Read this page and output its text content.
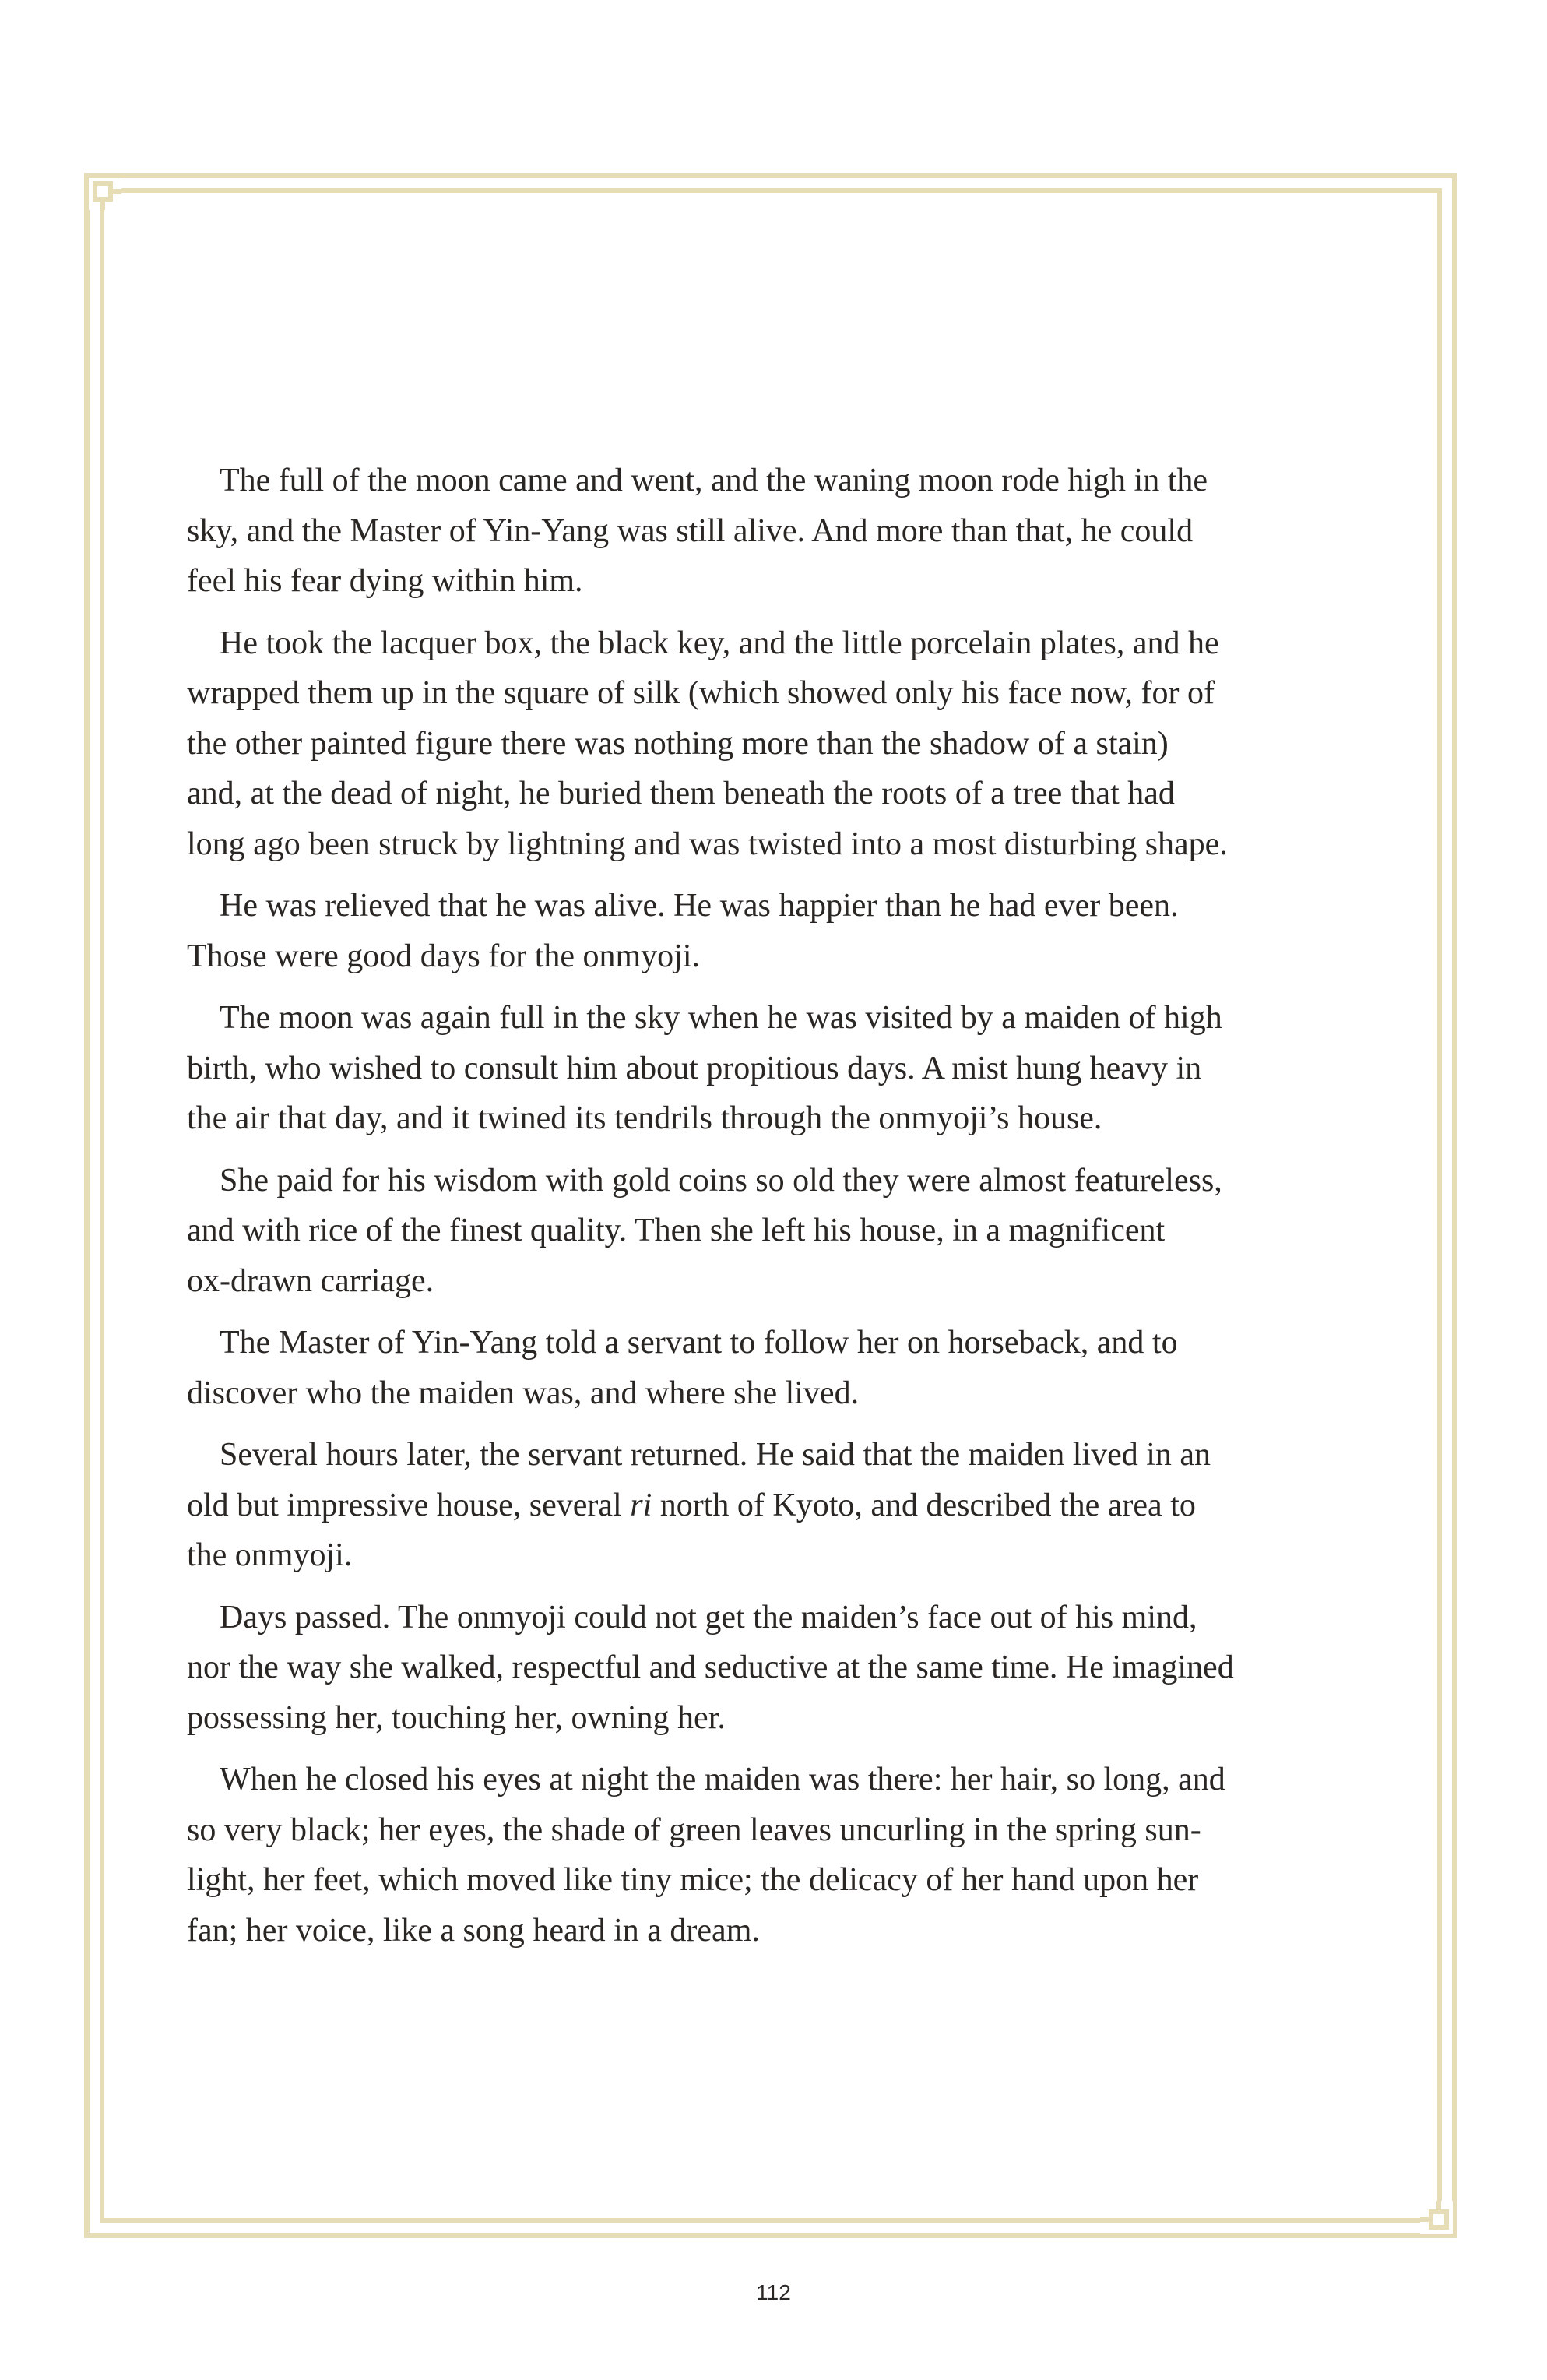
The full of the moon came and went, and the waning moon rode high in the
sky, and the Master of Yin-Yang was still alive. And more than that, he could
feel his fear dying within him.

He took the lacquer box, the black key, and the little porcelain plates, and he
wrapped them up in the square of silk (which showed only his face now, for of
the other painted figure there was nothing more than the shadow of a stain)
and, at the dead of night, he buried them beneath the roots of a tree that had
long ago been struck by lightning and was twisted into a most disturbing shape.

He was relieved that he was alive. He was happier than he had ever been.
Those were good days for the onmyoji.

The moon was again full in the sky when he was visited by a maiden of high
birth, who wished to consult him about propitious days. A mist hung heavy in
the air that day, and it twined its tendrils through the onmyoji’s house.

She paid for his wisdom with gold coins so old they were almost featureless,
and with rice of the finest quality. Then she left his house, in a magnificent
ox-drawn carriage.

The Master of Yin-Yang told a servant to follow her on horseback, and to
discover who the maiden was, and where she lived.

Several hours later, the servant returned. He said that the maiden lived in an
old but impressive house, several ri north of Kyoto, and described the area to
the onmyoji.

Days passed. The onmyoji could not get the maiden’s face out of his mind,
nor the way she walked, respectful and seductive at the same time. He imagined
possessing her, touching her, owning her.

When he closed his eyes at night the maiden was there: her hair, so long, and
so very black; her eyes, the shade of green leaves uncurling in the spring sun-
light, her feet, which moved like tiny mice; the delicacy of her hand upon her
fan; her voice, like a song heard in a dream.

112
